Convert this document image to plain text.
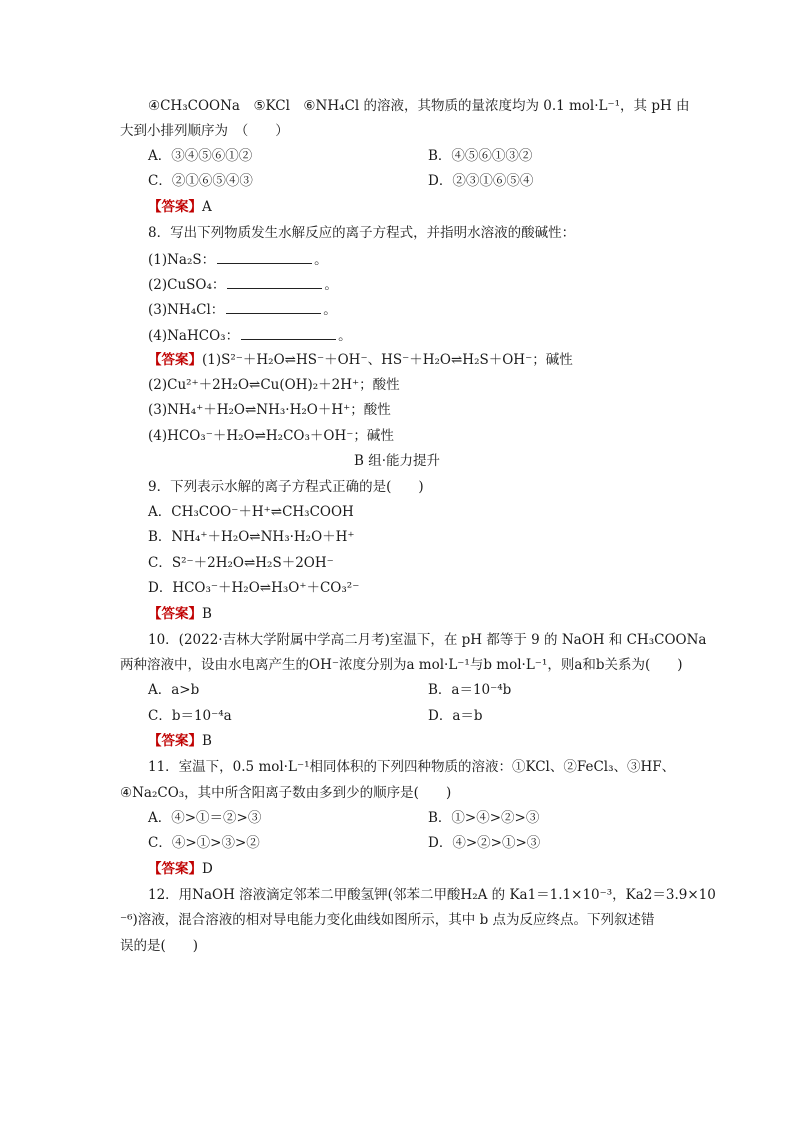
④CH₃COONa　⑤KCl　⑥NH₄Cl 的溶液，其物质的量浓度均为 0.1 mol·L⁻¹，其 pH 由
大到小排列顺序为　（　　）
A．③④⑤⑥①②	B．④⑤⑥①③②
C．②①⑥⑤④③	D．②③①⑥⑤④
【答案】A
8．写出下列物质发生水解反应的离子方程式，并指明水溶液的酸碱性：
(1)Na₂S：	。
(2)CuSO₄：	。
(3)NH₄Cl：	。
(4)NaHCO₃：	。
【答案】(1)S²⁻＋H₂O⇌HS⁻＋OH⁻、HS⁻＋H₂O⇌H₂S＋OH⁻；碱性
(2)Cu²⁺＋2H₂O⇌Cu(OH)₂＋2H⁺；酸性
(3)NH₄⁺＋H₂O⇌NH₃·H₂O＋H⁺；酸性
(4)HCO₃⁻＋H₂O⇌H₂CO₃＋OH⁻；碱性
B 组·能力提升
9．下列表示水解的离子方程式正确的是(　　)
A．CH₃COO⁻＋H⁺⇌CH₃COOH
B．NH₄⁺＋H₂O⇌NH₃·H₂O＋H⁺
C．S²⁻＋2H₂O⇌H₂S＋2OH⁻
D．HCO₃⁻＋H₂O⇌H₃O⁺＋CO₃²⁻
【答案】B
10．(2022·吉林大学附属中学高二月考)室温下，在 pH 都等于 9 的 NaOH 和 CH₃COONa
两种溶液中，设由水电离产生的OH⁻浓度分别为a mol·L⁻¹与b mol·L⁻¹，则a和b关系为(　　)
A．a>b	B．a＝10⁻⁴b
C．b＝10⁻⁴a	D．a＝b
【答案】B
11．室温下，0.5 mol·L⁻¹相同体积的下列四种物质的溶液：①KCl、②FeCl₃、③HF、
④Na₂CO₃，其中所含阳离子数由多到少的顺序是(　　)
A．④>①＝②>③	B．①>④>②>③
C．④>①>③>②	D．④>②>①>③
【答案】D
12．用NaOH 溶液滴定邻苯二甲酸氢钾(邻苯二甲酸H₂A 的 Ka1＝1.1×10⁻³，Ka2＝3.9×10
⁻⁶)溶液，混合溶液的相对导电能力变化曲线如图所示，其中 b 点为反应终点。下列叙述错
误的是(　　)
